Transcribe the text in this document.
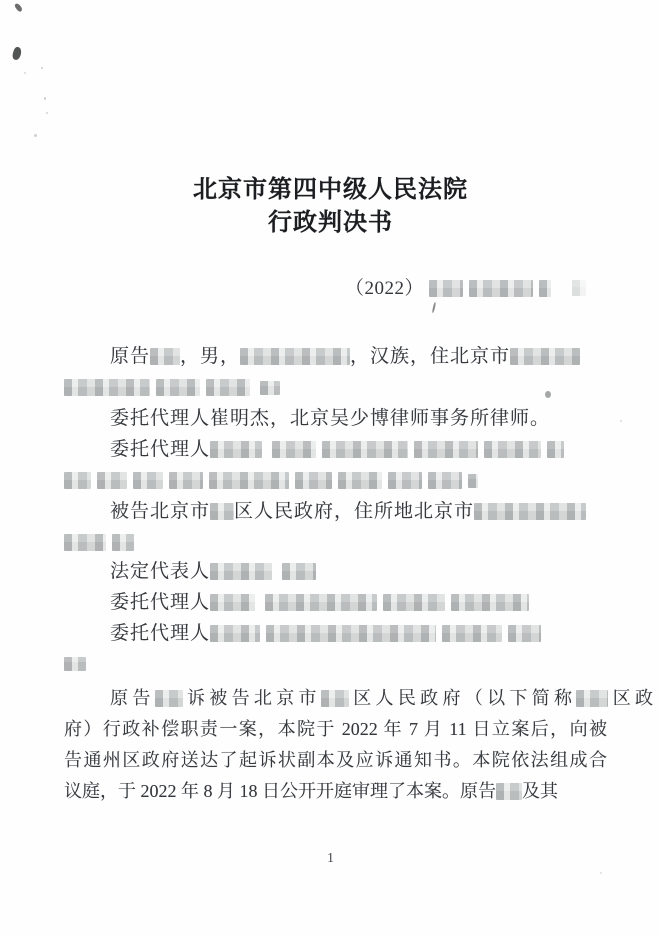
北京市第四中级人民法院
行政判决书
（2022）
原告 ，男，	，汉族，住北京市
委托代理人崔明杰，北京吴少博律师事务所律师。
委托代理人
被告北京市 区人民政府，住所地北京市
法定代表人
委托代理人
委托代理人
原告 诉被告北京市 区人民政府（以下简称 区政
府）行政补偿职责一案，本院于 2022 年 7 月 11 日立案后，向被
告通州区政府送达了起诉状副本及应诉通知书。本院依法组成合
议庭，于 2022 年 8 月 18 日公开开庭审理了本案。原告 及其
1
